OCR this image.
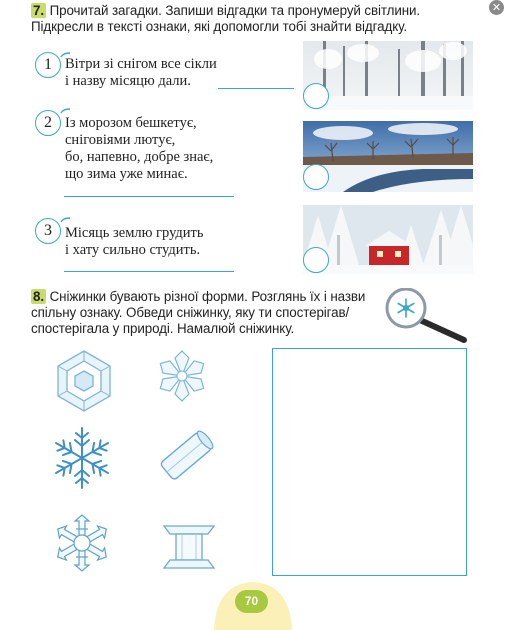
✕
7. Прочитай загадки. Запиши відгадки та пронумеруй світлини. Підкресли в тексті ознаки, які допомогли тобі знайти відгадку.
1 Вітри зі снігом все сікли
і назву місяцю дали.
2 Із морозом бешкетує,
сніговіями лютує,
бо, напевно, добре знає,
що зима уже минає.
3 Місяць землю грудить
і хату сильно студить.
8. Сніжинки бувають різної форми. Розглянь їх і назви спільну ознаку. Обведи сніжинку, яку ти спостерігав/спостерігала у природі. Намалюй сніжинку.
70
